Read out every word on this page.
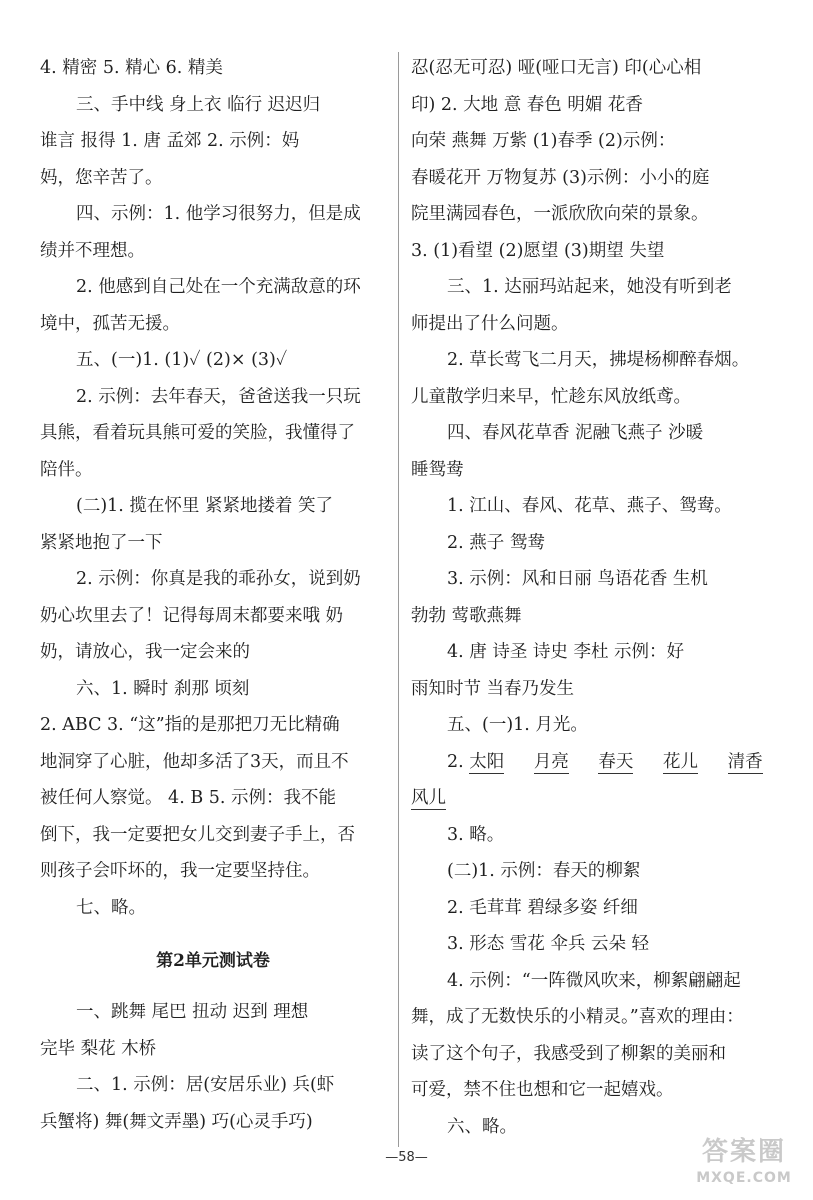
4. 精密 5. 精心 6. 精美
三、手中线 身上衣 临行 迟迟归
谁言 报得 1. 唐 孟郊 2. 示例：妈
妈，您辛苦了。
四、示例：1. 他学习很努力，但是成
绩并不理想。
2. 他感到自己处在一个充满敌意的环
境中，孤苦无援。
五、(一)1. (1)✓ (2)× (3)✓
2. 示例：去年春天，爸爸送我一只玩
具熊，看着玩具熊可爱的笑脸，我懂得了
陪伴。
(二)1. 揽在怀里 紧紧地搂着 笑了
紧紧地抱了一下
2. 示例：你真是我的乖孙女，说到奶
奶心坎里去了！记得每周末都要来哦 奶
奶，请放心，我一定会来的
六、1. 瞬时 刹那 顷刻
2. ABC 3. “这”指的是那把刀无比精确
地洞穿了心脏，他却多活了3天，而且不
被任何人察觉。 4. B 5. 示例：我不能
倒下，我一定要把女儿交到妻子手上，否
则孩子会吓坏的，我一定要坚持住。
七、略。
第2单元测试卷
一、跳舞 尾巴 扭动 迟到 理想
完毕 梨花 木桥
二、1. 示例：居(安居乐业) 兵(虾
兵蟹将) 舞(舞文弄墨) 巧(心灵手巧)
忍(忍无可忍) 哑(哑口无言) 印(心心相
印) 2. 大地 意 春色 明媚 花香
向荣 燕舞 万紫 (1)春季 (2)示例：
春暖花开 万物复苏 (3)示例：小小的庭
院里满园春色，一派欣欣向荣的景象。
3. (1)看望 (2)愿望 (3)期望 失望
三、1. 达丽玛站起来，她没有听到老
师提出了什么问题。
2. 草长莺飞二月天，拂堤杨柳醉春烟。
儿童散学归来早，忙趁东风放纸鸢。
四、春风花草香 泥融飞燕子 沙暖
睡鸳鸯
1. 江山、春风、花草、燕子、鸳鸯。
2. 燕子 鸳鸯
3. 示例：风和日丽 鸟语花香 生机
勃勃 莺歌燕舞
4. 唐 诗圣 诗史 李杜 示例：好
雨知时节 当春乃发生
五、(一)1. 月光。
2. 太阳 月亮 春天 花儿 清香
风儿
3. 略。
(二)1. 示例：春天的柳絮
2. 毛茸茸 碧绿多姿 纤细
3. 形态 雪花 伞兵 云朵 轻
4. 示例：“一阵微风吹来，柳絮翩翩起
舞，成了无数快乐的小精灵。”喜欢的理由：
读了这个句子，我感受到了柳絮的美丽和
可爱，禁不住也想和它一起嬉戏。
六、略。
—58—	答案圈
MXQE.COM
